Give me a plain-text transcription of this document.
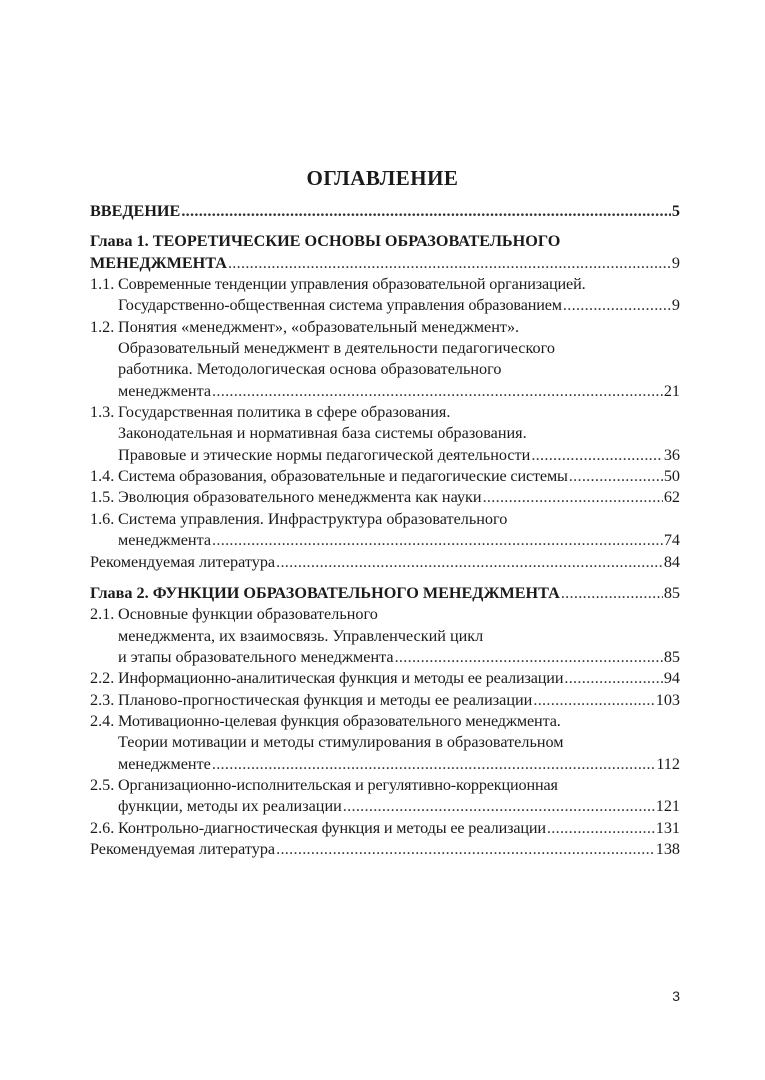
ОГЛАВЛЕНИЕ
ВВЕДЕНИЕ .....	5
Глава 1. ТЕОРЕТИЧЕСКИЕ ОСНОВЫ ОБРАЗОВАТЕЛЬНОГО
МЕНЕДЖМЕНТА .....	9
1.1. Современные тенденции управления образовательной организацией.
Государственно-общественная система управления образованием .....	9
1.2. Понятия «менеджмент», «образовательный менеджмент».
Образовательный менеджмент в деятельности педагогического
работника. Методологическая основа образовательного
менеджмента .....	21
1.3. Государственная политика в сфере образования.
Законодательная и нормативная база системы образования.
Правовые и этические нормы педагогической деятельности .....	36
1.4. Система образования, образовательные и педагогические системы .....	50
1.5. Эволюция образовательного менеджмента как науки .....	62
1.6. Система управления. Инфраструктура образовательного
менеджмента .....	74
Рекомендуемая литература .....	84
Глава 2. ФУНКЦИИ ОБРАЗОВАТЕЛЬНОГО МЕНЕДЖМЕНТА .....	85
2.1. Основные функции образовательного
менеджмента, их взаимосвязь. Управленческий цикл
и этапы образовательного менеджмента .....	85
2.2. Информационно-аналитическая функция и методы ее реализации .....	94
2.3. Планово-прогностическая функция и методы ее реализации .....	103
2.4. Мотивационно-целевая функция образовательного менеджмента.
Теории мотивации и методы стимулирования в образовательном
менеджменте .....	112
2.5. Организационно-исполнительская и регулятивно-коррекционная
функции, методы их реализации .....	121
2.6. Контрольно-диагностическая функция и методы ее реализации .....	131
Рекомендуемая литература .....	138
3
